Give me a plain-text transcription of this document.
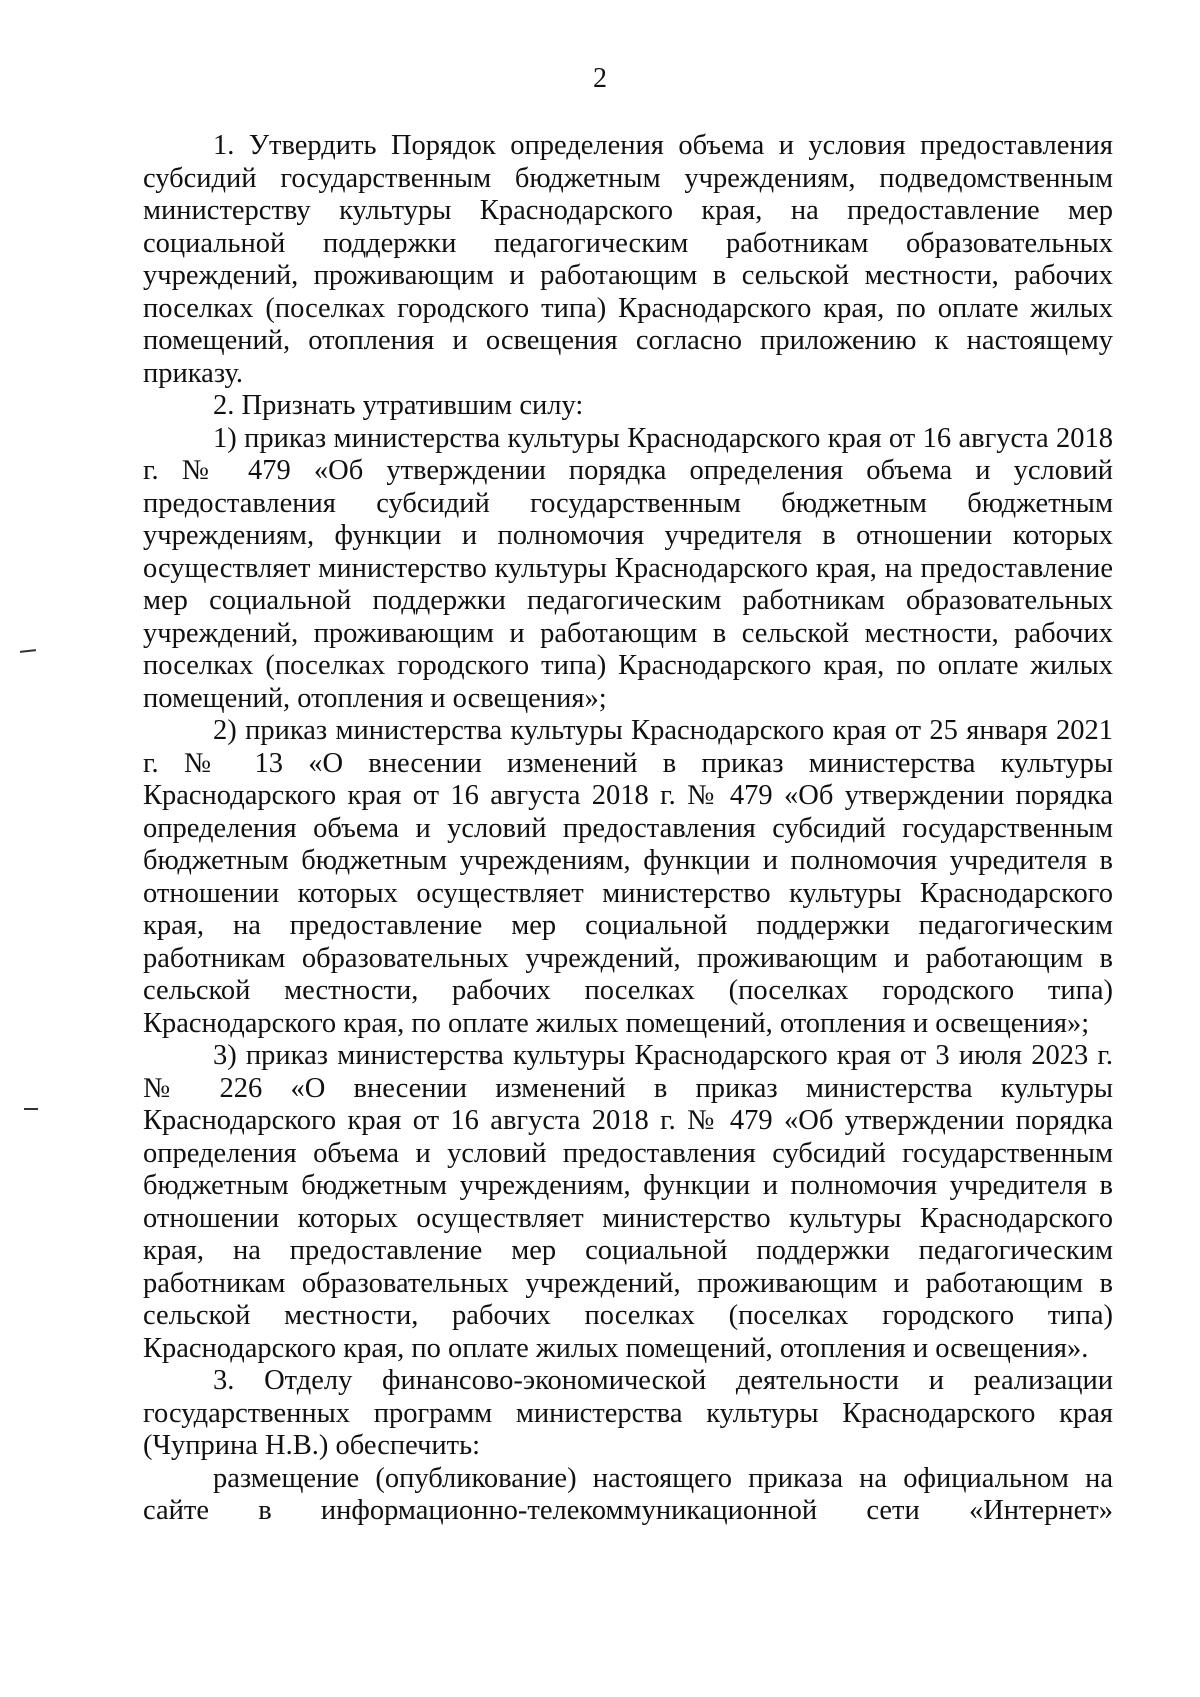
2

1. Утвердить Порядок определения объема и условия предоставления субсидий государственным бюджетным учреждениям, подведомственным министерству культуры Краснодарского края, на предоставление мер социальной поддержки педагогическим работникам образовательных учреждений, проживающим и работающим в сельской местности, рабочих поселках (поселках городского типа) Краснодарского края, по оплате жилых помещений, отопления и освещения согласно приложению к настоящему приказу.

2. Признать утратившим силу:

1) приказ министерства культуры Краснодарского края от 16 августа 2018 г. № 479 «Об утверждении порядка определения объема и условий предоставления субсидий государственным бюджетным бюджетным учреждениям, функции и полномочия учредителя в отношении которых осуществляет министерство культуры Краснодарского края, на предоставление мер социальной поддержки педагогическим работникам образовательных учреждений, проживающим и работающим в сельской местности, рабочих поселках (поселках городского типа) Краснодарского края, по оплате жилых помещений, отопления и освещения»;

2) приказ министерства культуры Краснодарского края от 25 января 2021 г. № 13 «О внесении изменений в приказ министерства культуры Краснодарского края от 16 августа 2018 г. № 479 «Об утверждении порядка определения объема и условий предоставления субсидий государственным бюджетным бюджетным учреждениям, функции и полномочия учредителя в отношении которых осуществляет министерство культуры Краснодарского края, на предоставление мер социальной поддержки педагогическим работникам образовательных учреждений, проживающим и работающим в сельской местности, рабочих поселках (поселках городского типа) Краснодарского края, по оплате жилых помещений, отопления и освещения»;

3) приказ министерства культуры Краснодарского края от 3 июля 2023 г. № 226 «О внесении изменений в приказ министерства культуры Краснодарского края от 16 августа 2018 г. № 479 «Об утверждении порядка определения объема и условий предоставления субсидий государственным бюджетным бюджетным учреждениям, функции и полномочия учредителя в отношении которых осуществляет министерство культуры Краснодарского края, на предоставление мер социальной поддержки педагогическим работникам образовательных учреждений, проживающим и работающим в сельской местности, рабочих поселках (поселках городского типа) Краснодарского края, по оплате жилых помещений, отопления и освещения».

3. Отделу финансово-экономической деятельности и реализации государственных программ министерства культуры Краснодарского края (Чуприна Н.В.) обеспечить:

размещение (опубликование) настоящего приказа на официальном на сайте в информационно-телекоммуникационной сети «Интернет»
